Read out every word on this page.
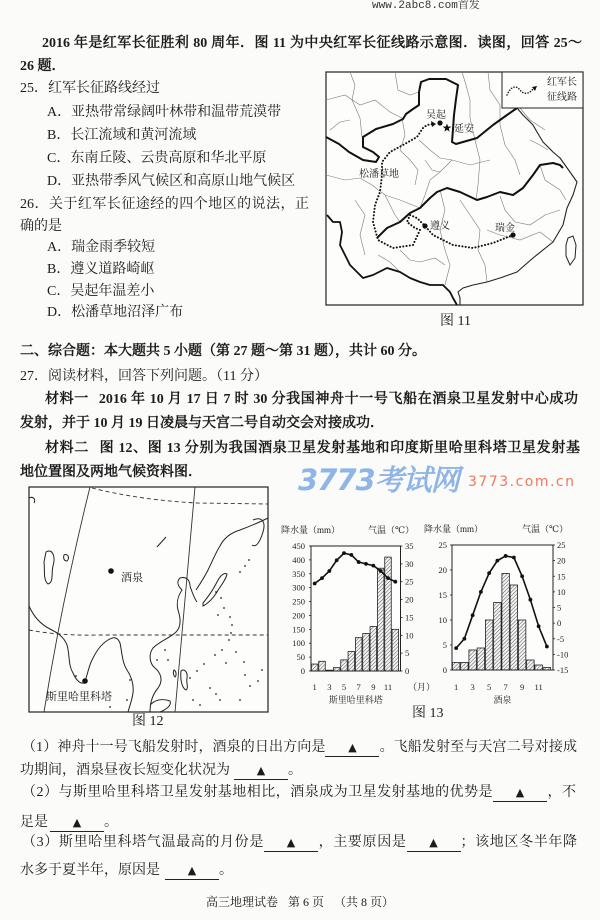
www.2abc8.com首发
2016 年是红军长征胜利 80 周年．图 11 为中央红军长征线路示意图．读图，回答 25～
26 题．
25．红军长征路线经过
A．亚热带常绿阔叶林带和温带荒漠带
B．长江流域和黄河流域
C．东南丘陵、云贵高原和华北平原
D．亚热带季风气候区和高原山地气候区
26．关于红军长征途经的四个地区的说法，正
确的是
A．瑞金雨季较短
B．遵义道路崎岖
C．吴起年温差小
D．松潘草地沼泽广布
红军长
征线路
吴起
延安
松潘草地
遵义	瑞金
图 11
二、综合题：本大题共 5 小题（第 27 题～第 31 题），共计 60 分。
27．阅读材料，回答下列问题。（11 分）
材料一 2016 年 10 月 17 日 7 时 30 分我国神舟十一号飞船在酒泉卫星发射中心成功
发射，并于 10 月 19 日凌晨与天宫二号自动交会对接成功．
材料二 图 12、图 13 分别为我国酒泉卫星发射基地和印度斯里哈里科塔卫星发射基
地位置图及两地气候资料图．	3773考试网 3773.com.cn
酒泉
斯里哈里科塔
图 12
450
400
350
300
250
200
150
100
50
0
35
30
25
20
15
10
5
0
1 3 5 7 9 11
降水量（mm）	气温（℃）
斯里哈里科塔
（月）
25
20
15
10
5
0
25
20
15
10
5
0
-5
-10
-15
1 3 5 7 9 11
降水量（mm）	气温（℃）
酒泉
图 13
（1）神舟十一号飞船发射时，酒泉的日出方向是 ▲ 。飞船发射至与天宫二号对接成
功期间，酒泉昼夜长短变化状况为 ▲ 。
（2）与斯里哈里科塔卫星发射基地相比，酒泉成为卫星发射基地的优势是 ▲ ，不
足是 ▲ 。
（3）斯里哈里科塔气温最高的月份是 ▲ ，主要原因是 ▲ ；该地区冬半年降
水多于夏半年，原因是	▲ 。
高三地理试卷 第 6 页 （共 8 页）
